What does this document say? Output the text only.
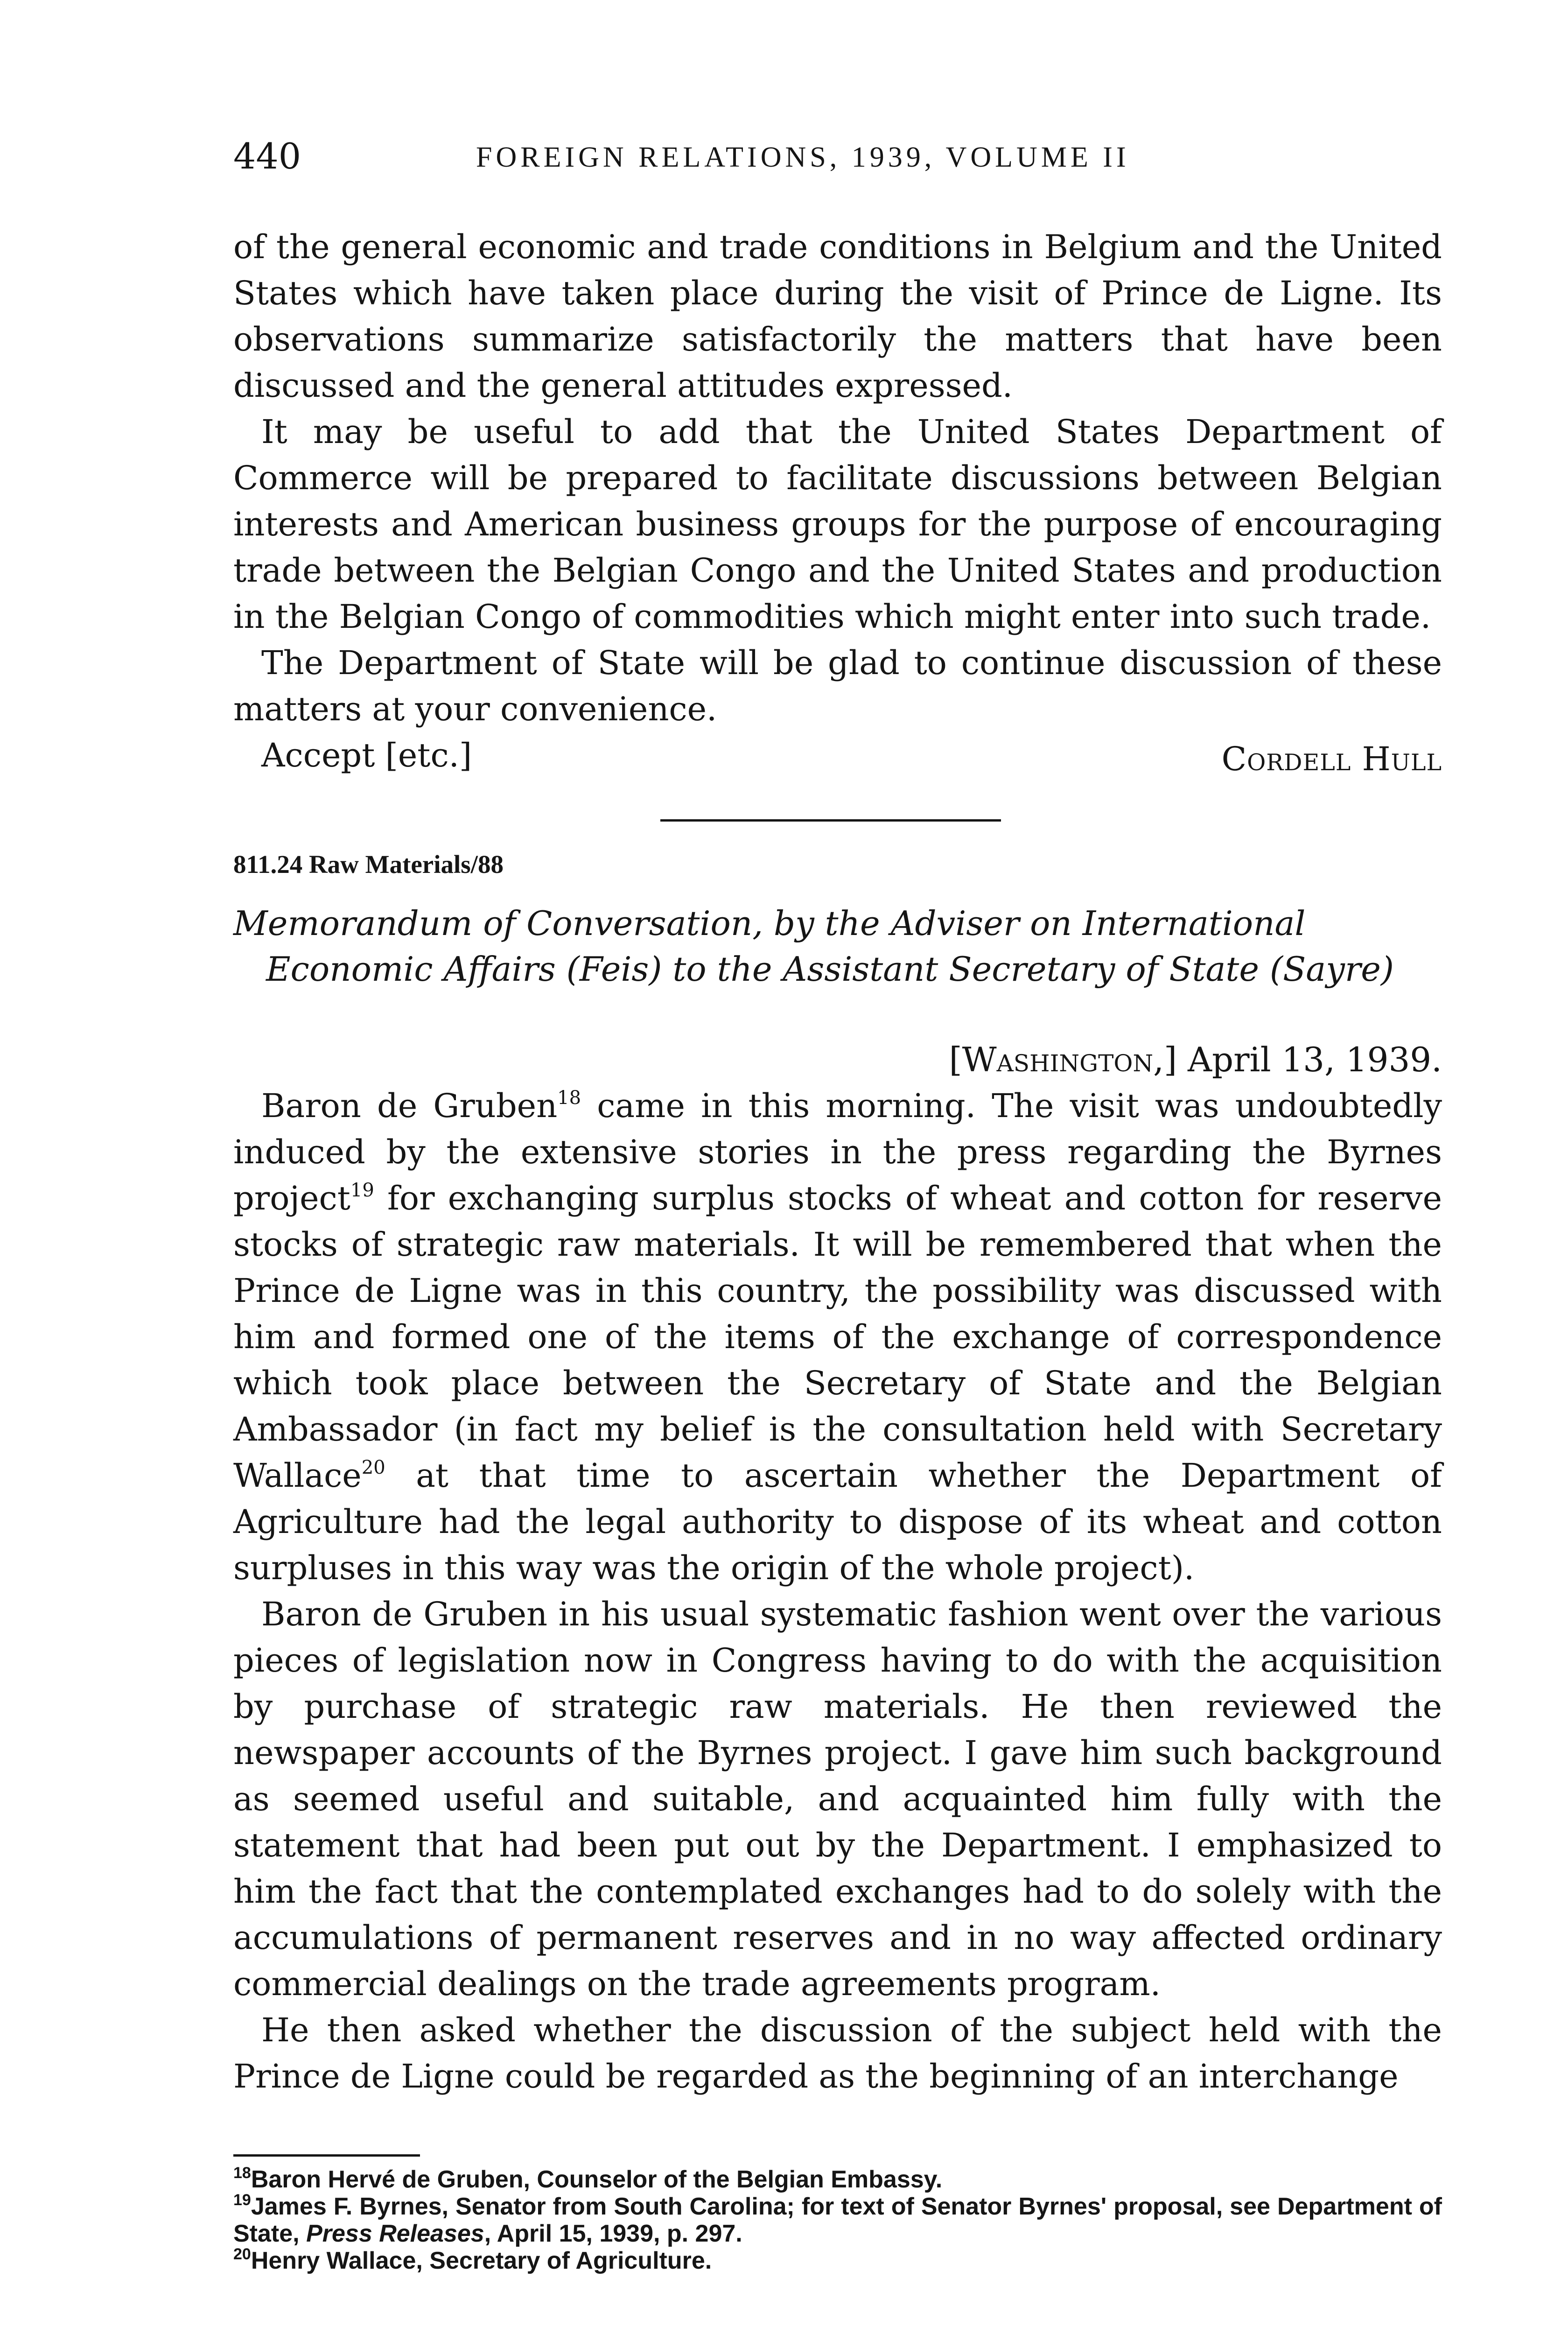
440	FOREIGN RELATIONS, 1939, VOLUME II

of the general economic and trade conditions in Belgium and the United States which have taken place during the visit of Prince de Ligne. Its observations summarize satisfactorily the matters that have been discussed and the general attitudes expressed.

It may be useful to add that the United States Department of Commerce will be prepared to facilitate discussions between Belgian interests and American business groups for the purpose of encouraging trade between the Belgian Congo and the United States and production in the Belgian Congo of commodities which might enter into such trade.

The Department of State will be glad to continue discussion of these matters at your convenience.

Accept [etc.]	Cordell Hull
811.24 Raw Materials/88
Memorandum of Conversation, by the Adviser on International Economic Affairs (Feis) to the Assistant Secretary of State (Sayre)
[Washington,] April 13, 1939.

Baron de Gruben$^{18}$ came in this morning. The visit was undoubtedly induced by the extensive stories in the press regarding the Byrnes project$^{19}$ for exchanging surplus stocks of wheat and cotton for reserve stocks of strategic raw materials. It will be remembered that when the Prince de Ligne was in this country, the possibility was discussed with him and formed one of the items of the exchange of correspondence which took place between the Secretary of State and the Belgian Ambassador (in fact my belief is the consultation held with Secretary Wallace$^{20}$ at that time to ascertain whether the Department of Agriculture had the legal authority to dispose of its wheat and cotton surpluses in this way was the origin of the whole project).

Baron de Gruben in his usual systematic fashion went over the various pieces of legislation now in Congress having to do with the acquisition by purchase of strategic raw materials. He then reviewed the newspaper accounts of the Byrnes project. I gave him such background as seemed useful and suitable, and acquainted him fully with the statement that had been put out by the Department. I emphasized to him the fact that the contemplated exchanges had to do solely with the accumulations of permanent reserves and in no way affected ordinary commercial dealings on the trade agreements program.

He then asked whether the discussion of the subject held with the Prince de Ligne could be regarded as the beginning of an interchange

$^{18}$Baron Hervé de Gruben, Counselor of the Belgian Embassy.

$^{19}$James F. Byrnes, Senator from South Carolina; for text of Senator Byrnes' proposal, see Department of State, Press Releases, April 15, 1939, p. 297.

$^{20}$Henry Wallace, Secretary of Agriculture.
